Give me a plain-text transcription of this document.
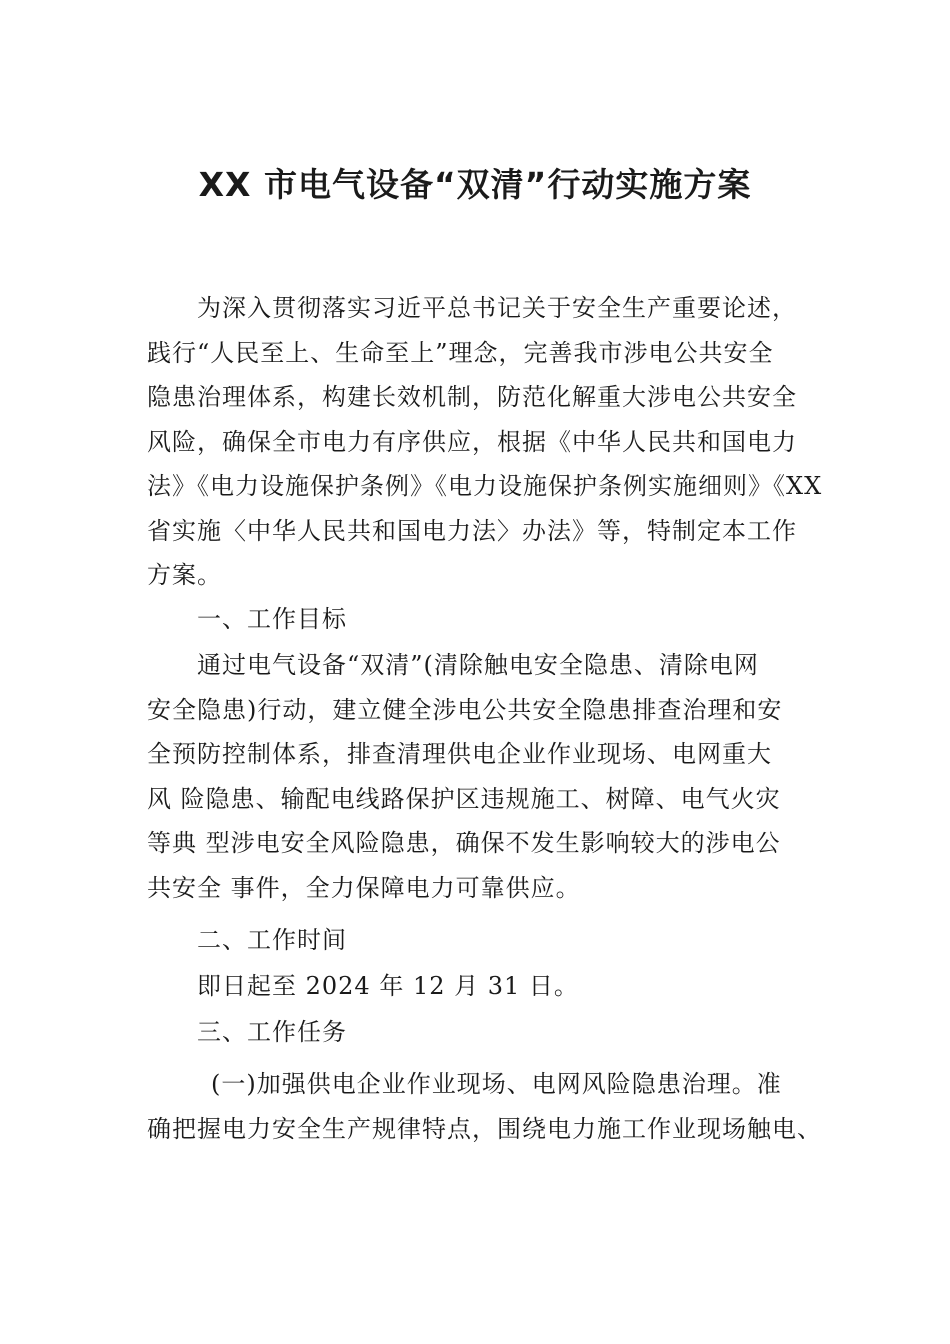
XX 市电气设备“双清”行动实施方案
为深入贯彻落实习近平总书记关于安全生产重要论述，
践行“人民至上、生命至上”理念，完善我市涉电公共安全
隐患治理体系，构建长效机制，防范化解重大涉电公共安全
风险，确保全市电力有序供应，根据《中华人民共和国电力
法》《电力设施保护条例》《电力设施保护条例实施细则》《XX
省实施〈中华人民共和国电力法〉办法》等，特制定本工作
方案。
一、工作目标
通过电气设备“双清”(清除触电安全隐患、清除电网
安全隐患)行动，建立健全涉电公共安全隐患排查治理和安
全预防控制体系，排查清理供电企业作业现场、电网重大
风 险隐患、输配电线路保护区违规施工、树障、电气火灾
等典 型涉电安全风险隐患，确保不发生影响较大的涉电公
共安全 事件，全力保障电力可靠供应。
二、工作时间
即日起至 2024 年 12 月 31 日。
三、工作任务
(一)加强供电企业作业现场、电网风险隐患治理。准
确把握电力安全生产规律特点，围绕电力施工作业现场触电、
